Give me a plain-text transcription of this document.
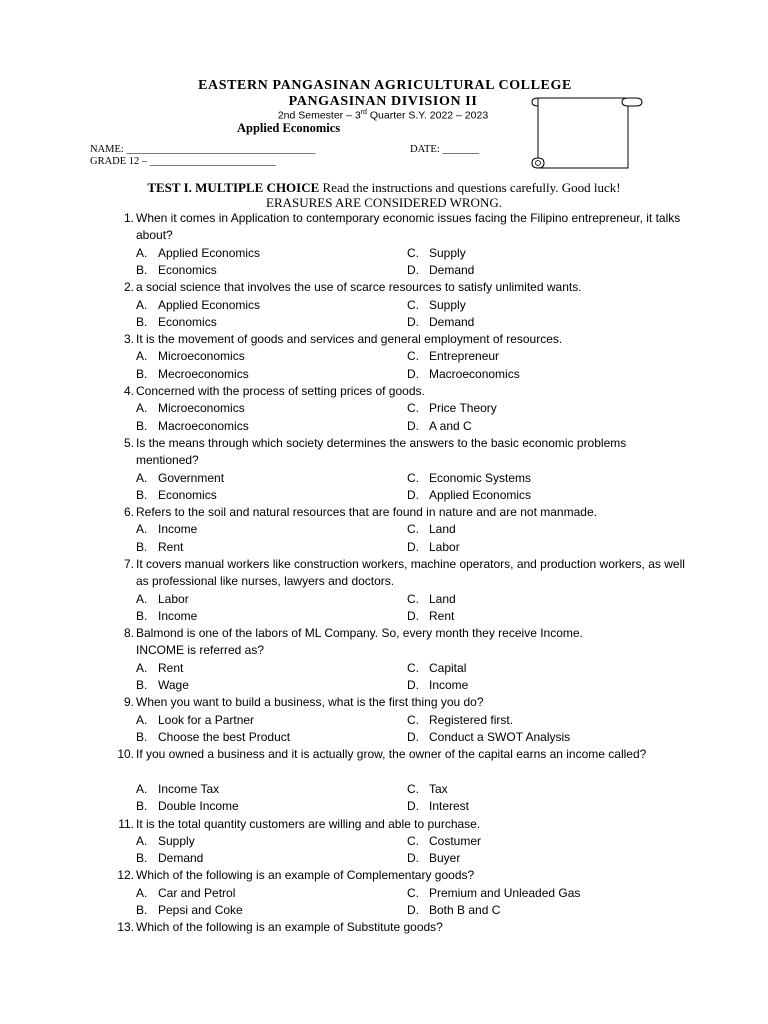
EASTERN PANGASINAN AGRICULTURAL COLLEGE
PANGASINAN DIVISION II
2nd Semester – 3rd Quarter S.Y. 2022 – 2023
Applied Economics
NAME: ____________________________________	DATE: _______
GRADE 12 – ________________________
TEST I. MULTIPLE CHOICE Read the instructions and questions carefully. Good luck!
ERASURES ARE CONSIDERED WRONG.
1. When it comes in Application to contemporary economic issues facing the Filipino entrepreneur, it talks about?
A. Applied Economics	C. Supply
B. Economics	D. Demand
2. a social science that involves the use of scarce resources to satisfy unlimited wants.
A. Applied Economics	C. Supply
B. Economics	D. Demand
3. It is the movement of goods and services and general employment of resources.
A. Microeconomics	C. Entrepreneur
B. Mecroeconomics	D. Macroeconomics
4. Concerned with the process of setting prices of goods.
A. Microeconomics	C. Price Theory
B. Macroeconomics	D. A and C
5. Is the means through which society determines the answers to the basic economic problems mentioned?
A. Government	C. Economic Systems
B. Economics	D. Applied Economics
6. Refers to the soil and natural resources that are found in nature and are not manmade.
A. Income	C. Land
B. Rent	D. Labor
7. It covers manual workers like construction workers, machine operators, and production workers, as well as professional like nurses, lawyers and doctors.
A. Labor	C. Land
B. Income	D. Rent
8. Balmond is one of the labors of ML Company. So, every month they receive Income.
INCOME is referred as?
A. Rent	C. Capital
B. Wage	D. Income
9. When you want to build a business, what is the first thing you do?
A. Look for a Partner	C. Registered first.
B. Choose the best Product	D. Conduct a SWOT Analysis
10. If you owned a business and it is actually grow, the owner of the capital earns an income called?
A. Income Tax	C. Tax
B. Double Income	D. Interest
11. It is the total quantity customers are willing and able to purchase.
A. Supply	C. Costumer
B. Demand	D. Buyer
12. Which of the following is an example of Complementary goods?
A. Car and Petrol	C. Premium and Unleaded Gas
B. Pepsi and Coke	D. Both B and C
13. Which of the following is an example of Substitute goods?
